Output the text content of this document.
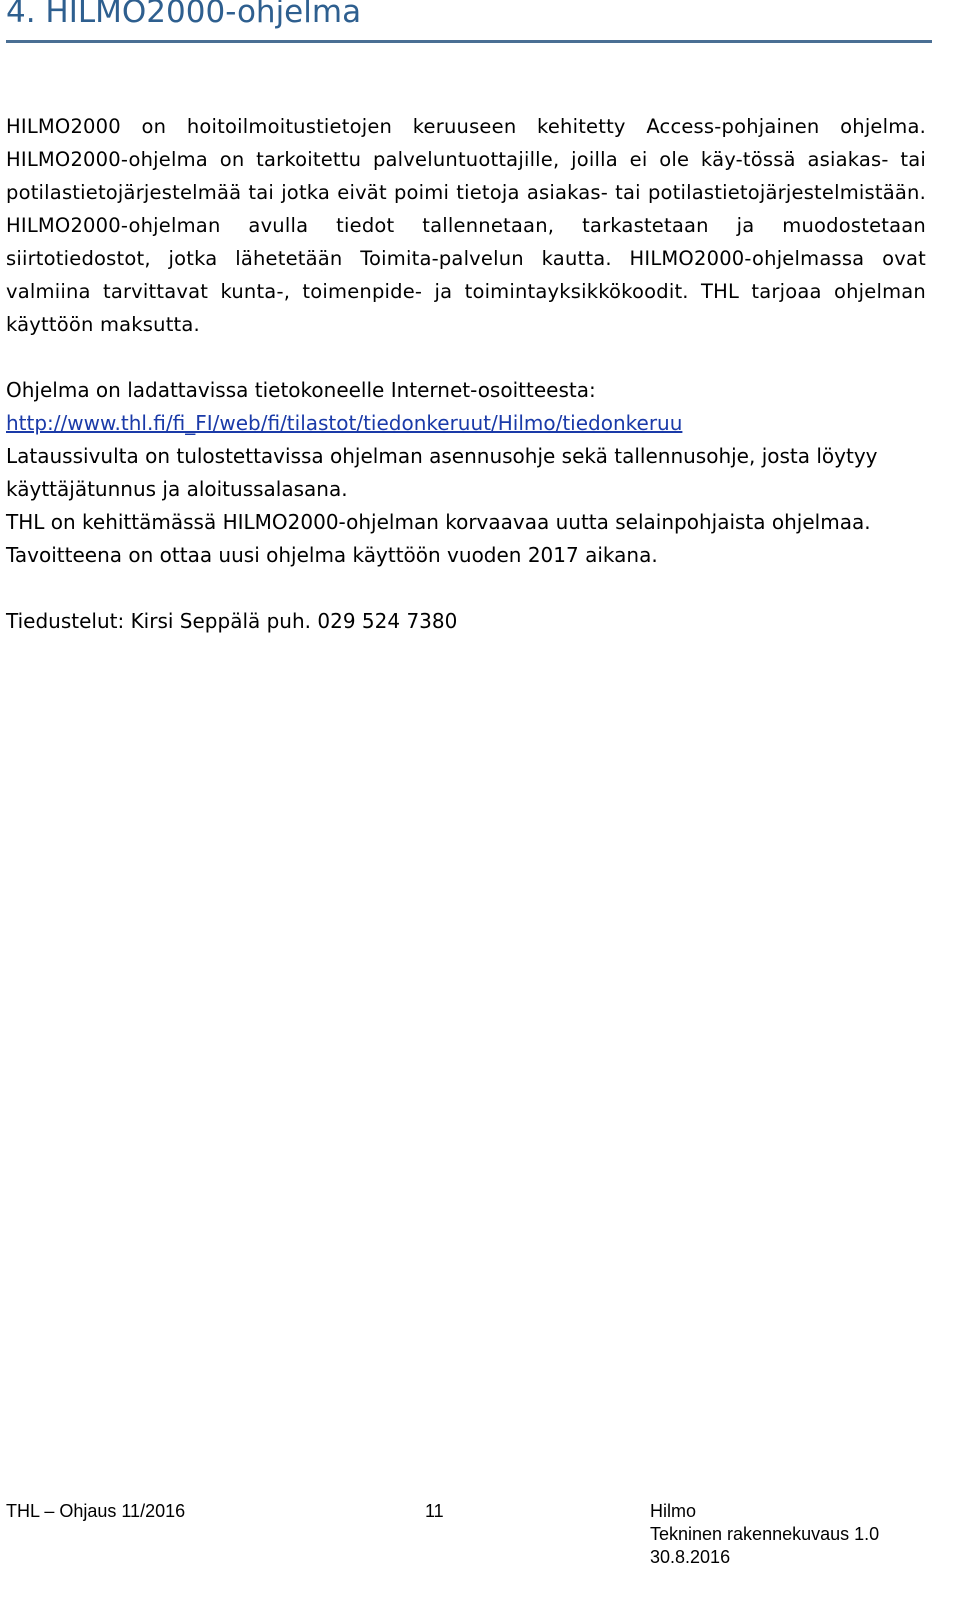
4. HILMO2000-ohjelma

HILMO2000 on hoitoilmoitustietojen keruuseen kehitetty Access-pohjainen ohjelma. HILMO2000-ohjelma on tarkoitettu palveluntuottajille, joilla ei ole käy-tössä asiakas- tai potilastietojärjestelmää tai jotka eivät poimi tietoja asiakas- tai potilastietojärjestelmistään. HILMO2000-ohjelman avulla tiedot tallennetaan, tarkastetaan ja muodostetaan siirtotiedostot, jotka lähetetään Toimita-palvelun kautta. HILMO2000-ohjelmassa ovat valmiina tarvittavat kunta-, toimenpide- ja toimintayksikkökoodit. THL tarjoaa ohjelman käyttöön maksutta.

Ohjelma on ladattavissa tietokoneelle Internet-osoitteesta:

http://www.thl.fi/fi_FI/web/fi/tilastot/tiedonkeruut/Hilmo/tiedonkeruu

Lataussivulta on tulostettavissa ohjelman asennusohje sekä tallennusohje, josta löytyy käyttäjätunnus ja aloitussalasana.

THL on kehittämässä HILMO2000-ohjelman korvaavaa uutta selainpohjaista ohjelmaa. Tavoitteena on ottaa uusi ohjelma käyttöön vuoden 2017 aikana.

Tiedustelut: Kirsi Seppälä puh. 029 524 7380

THL – Ohjaus 11/2016	11	Hilmo
Tekninen rakennekuvaus 1.0
30.8.2016
